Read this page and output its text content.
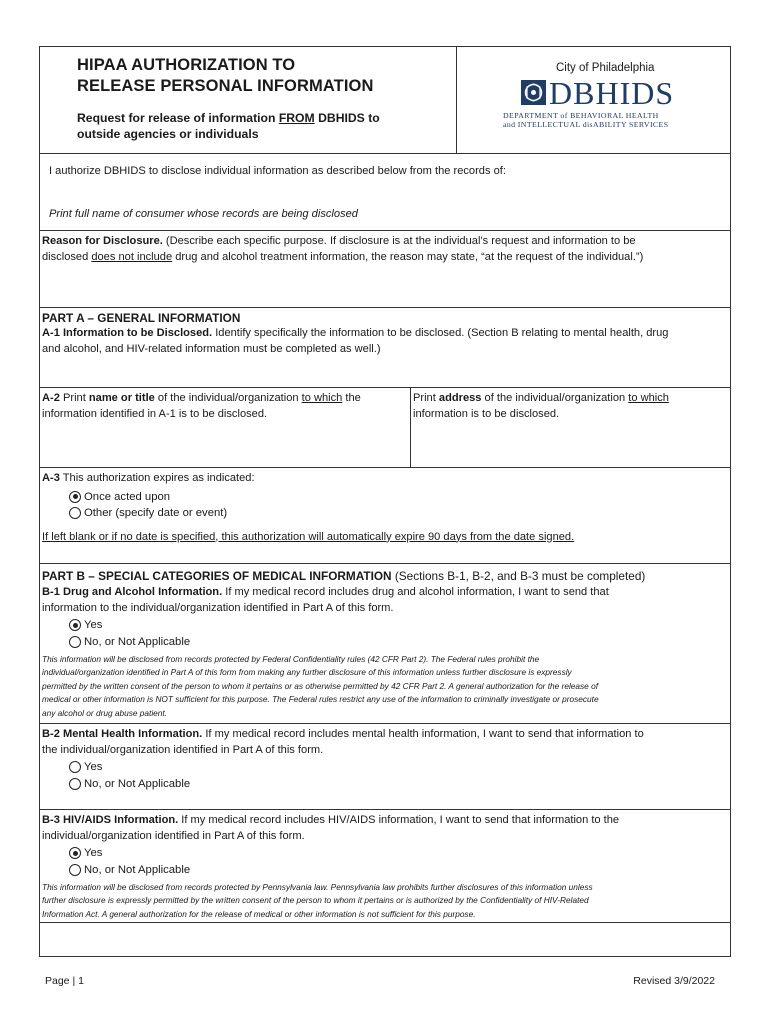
HIPAA AUTHORIZATION TO
RELEASE PERSONAL INFORMATION
Request for release of information FROM DBHIDS to
outside agencies or individuals
City of Philadelphia
DBHIDS
DEPARTMENT of BEHAVIORAL HEALTH
and INTELLECTUAL disABILITY SERVICES
I authorize DBHIDS to disclose individual information as described below from the records of:
Print full name of consumer whose records are being disclosed
Reason for Disclosure. (Describe each specific purpose. If disclosure is at the individual’s request and information to be
disclosed does not include drug and alcohol treatment information, the reason may state, “at the request of the individual.”)
PART A – GENERAL INFORMATION
A-1 Information to be Disclosed. Identify specifically the information to be disclosed. (Section B relating to mental health, drug
and alcohol, and HIV-related information must be completed as well.)
A-2 Print name or title of the individual/organization to which the
information identified in A-1 is to be disclosed.
Print address of the individual/organization to which
information is to be disclosed.
A-3 This authorization expires as indicated:
Once acted upon
Other (specify date or event)
If left blank or if no date is specified, this authorization will automatically expire 90 days from the date signed.
PART B – SPECIAL CATEGORIES OF MEDICAL INFORMATION (Sections B-1, B-2, and B-3 must be completed)
B-1 Drug and Alcohol Information. If my medical record includes drug and alcohol information, I want to send that
information to the individual/organization identified in Part A of this form.
Yes
No, or Not Applicable
This information will be disclosed from records protected by Federal Confidentiality rules (42 CFR Part 2). The Federal rules prohibit the
individual/organization identified in Part A of this form from making any further disclosure of this information unless further disclosure is expressly
permitted by the written consent of the person to whom it pertains or as otherwise permitted by 42 CFR Part 2. A general authorization for the release of
medical or other information is NOT sufficient for this purpose. The Federal rules restrict any use of the information to criminally investigate or prosecute
any alcohol or drug abuse patient.
B-2 Mental Health Information. If my medical record includes mental health information, I want to send that information to
the individual/organization identified in Part A of this form.
Yes
No, or Not Applicable
B-3 HIV/AIDS Information. If my medical record includes HIV/AIDS information, I want to send that information to the
individual/organization identified in Part A of this form.
Yes
No, or Not Applicable
This information will be disclosed from records protected by Pennsylvania law. Pennsylvania law prohibits further disclosures of this information unless
further disclosure is expressly permitted by the written consent of the person to whom it pertains or is authorized by the Confidentiality of HIV-Related
Information Act. A general authorization for the release of medical or other information is not sufficient for this purpose.
Page | 1	Revised 3/9/2022
